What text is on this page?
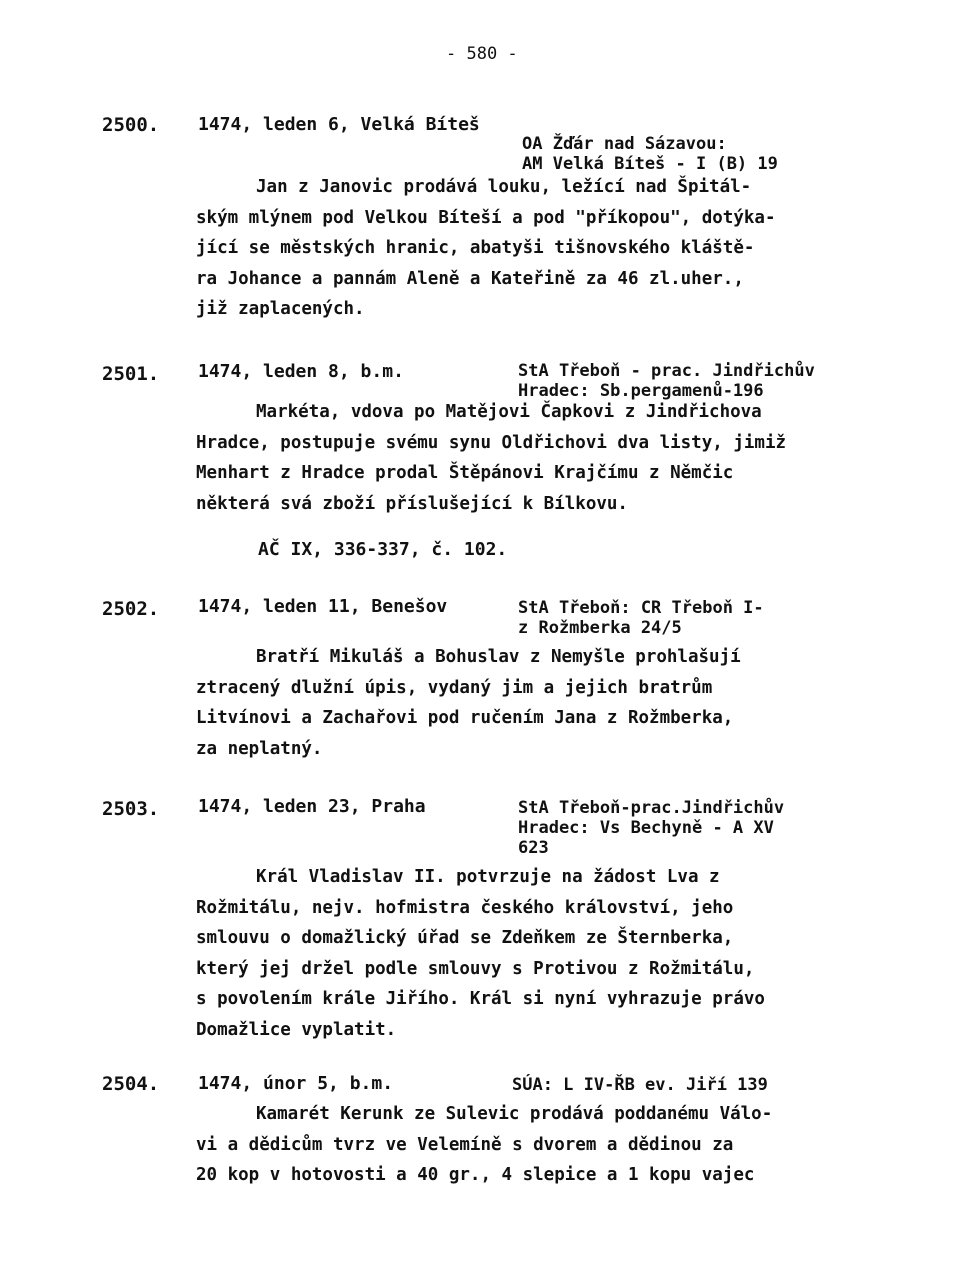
- 580 -
2500. 1474, leden 6, Velká Bíteš
OA Žďár nad Sázavou:
AM Velká Bíteš - I (B) 19
Jan z Janovic prodává louku, ležící nad Špitál-
ským mlýnem pod Velkou Bítеší a pod "příkopou", dotýka-
jící se městských hranic, abatyši tišnovského kláště-
ra Johance a pannám Aleně a Kateřině za 46 zl.uher.,
již zaplacených.
2501. 1474, leden 8, b.m.	StA Třeboň - prac. Jindřichův
Hradec: Sb.pergamenů-196
Markéta, vdova po Matějovi Čapkovi z Jindřichova
Hradce, postupuje svému synu Oldřichovi dva listy, jimiž
Menhart z Hradce prodal Štěpánovi Krajčímu z Němčic
některá svá zboží příslušející k Bílkovu.
AČ IX, 336-337, č. 102.
2502. 1474, leden 11, Benešov	StA Třeboň: CR Třeboň I-
z Rožmberka 24/5
Bratří Mikuláš a Bohuslav z Nemyšle prohlašují
ztracený dlužní úpis, vydaný jim a jejich bratrům
Litvínovi a Zachařovi pod ručením Jana z Rožmberka,
za neplatný.
2503. 1474, leden 23, Praha	StA Třeboň-prac.Jindřichův
Hradec: Vs Bechyně - A XV
623
Král Vladislav II. potvrzuje na žádost Lva z
Rožmitálu, nejv. hofmistra českého království, jeho
smlouvu o domažlický úřad se Zdeňkem ze Šternberka,
který jej držel podle smlouvy s Protivou z Rožmitálu,
s povolením krále Jiřího. Král si nyní vyhrazuje právo
Domažlice vyplatit.
2504. 1474, únor 5, b.m.	SÚA: L IV-ŘB ev. Jiří 139
Kamarét Kerunk ze Sulevic prodává poddanému Válo-
vi a dědicům tvrz ve Velemíně s dvorem a dědinou za
20 kop v hotovosti a 40 gr., 4 slepice a 1 kopu vajec
